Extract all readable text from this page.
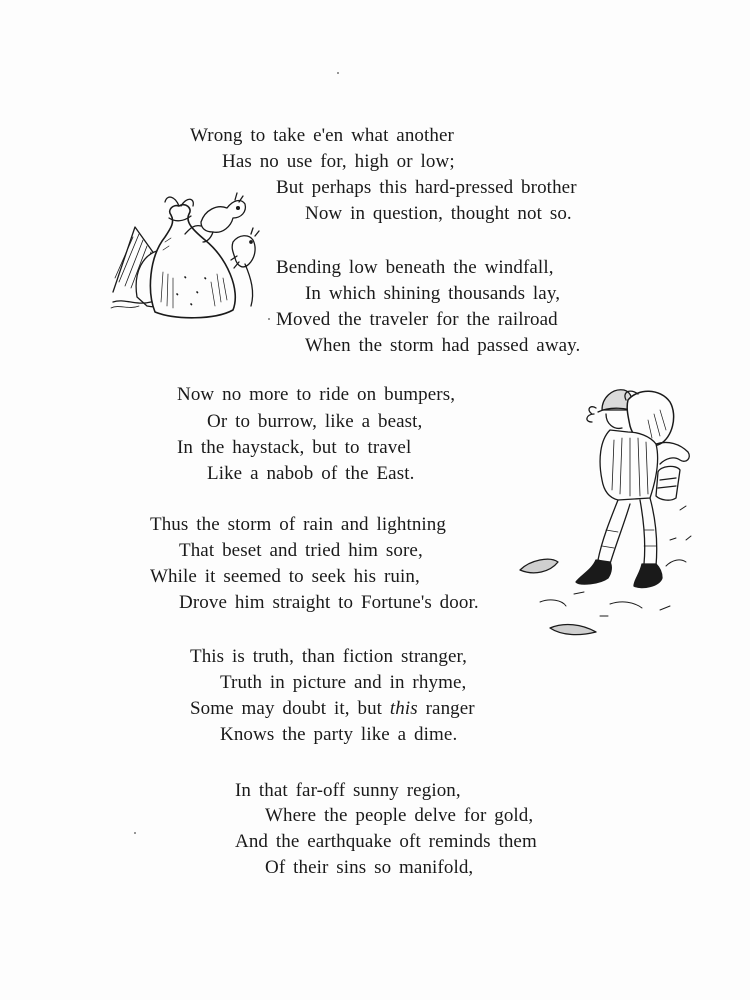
Wrong to take e'en what another
Has no use for, high or low;
But perhaps this hard-pressed brother
Now in question, thought not so.
Bending low beneath the windfall,
In which shining thousands lay,
Moved the traveler for the railroad
When the storm had passed away.
Now no more to ride on bumpers,
Or to burrow, like a beast,
In the haystack, but to travel
Like a nabob of the East.
Thus the storm of rain and lightning
That beset and tried him sore,
While it seemed to seek his ruin,
Drove him straight to Fortune's door.
This is truth, than fiction stranger,
Truth in picture and in rhyme,
Some may doubt it, but this ranger
Knows the party like a dime.
In that far-off sunny region,
Where the people delve for gold,
And the earthquake oft reminds them
Of their sins so manifold,
